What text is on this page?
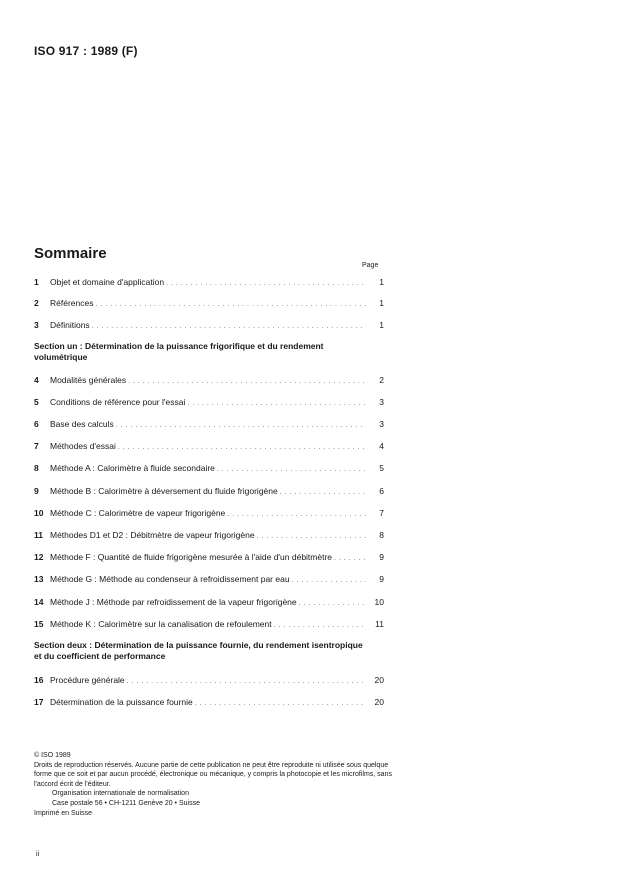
ISO 917 : 1989 (F)
Sommaire
Page
1	Objet et domaine d'application . . .	1
2	Références . . .	1
3	Définitions . . .	1
Section un : Détermination de la puissance frigorifique et du rendement volumétrique
4	Modalités générales . . .	2
5	Conditions de référence pour l'essai . . .	3
6	Base des calculs . . .	3
7	Méthodes d'essai . . .	4
8	Méthode A : Calorimètre à fluide secondaire . . .	5
9	Méthode B : Calorimètre à déversement du fluide frigorigène . . .	6
10 Méthode C : Calorimètre de vapeur frigorigène . . .	7
11 Méthodes D1 et D2 : Débitmètre de vapeur frigorigène . . .	8
12 Méthode F : Quantité de fluide frigorigène mesurée à l'aide d'un débitmètre . . .	9
13 Méthode G : Méthode au condenseur à refroidissement par eau . . .	9
14 Méthode J : Méthode par refroidissement de la vapeur frigorigène . . .	10
15 Méthode K : Calorimètre sur la canalisation de refoulement . . .	11
Section deux : Détermination de la puissance fournie, du rendement isentropique et du coefficient de performance
16 Procédure générale . . .	20
17 Détermination de la puissance fournie . . .	20
© ISO 1989
Droits de reproduction réservés. Aucune partie de cette publication ne peut être reproduite ni utilisée sous quelque forme que ce soit et par aucun procédé, électronique ou mécanique, y compris la photocopie et les microfilms, sans l'accord écrit de l'éditeur.
Organisation internationale de normalisation
Case postale 56 • CH-1211 Genève 20 • Suisse
Imprimé en Suisse
ii
